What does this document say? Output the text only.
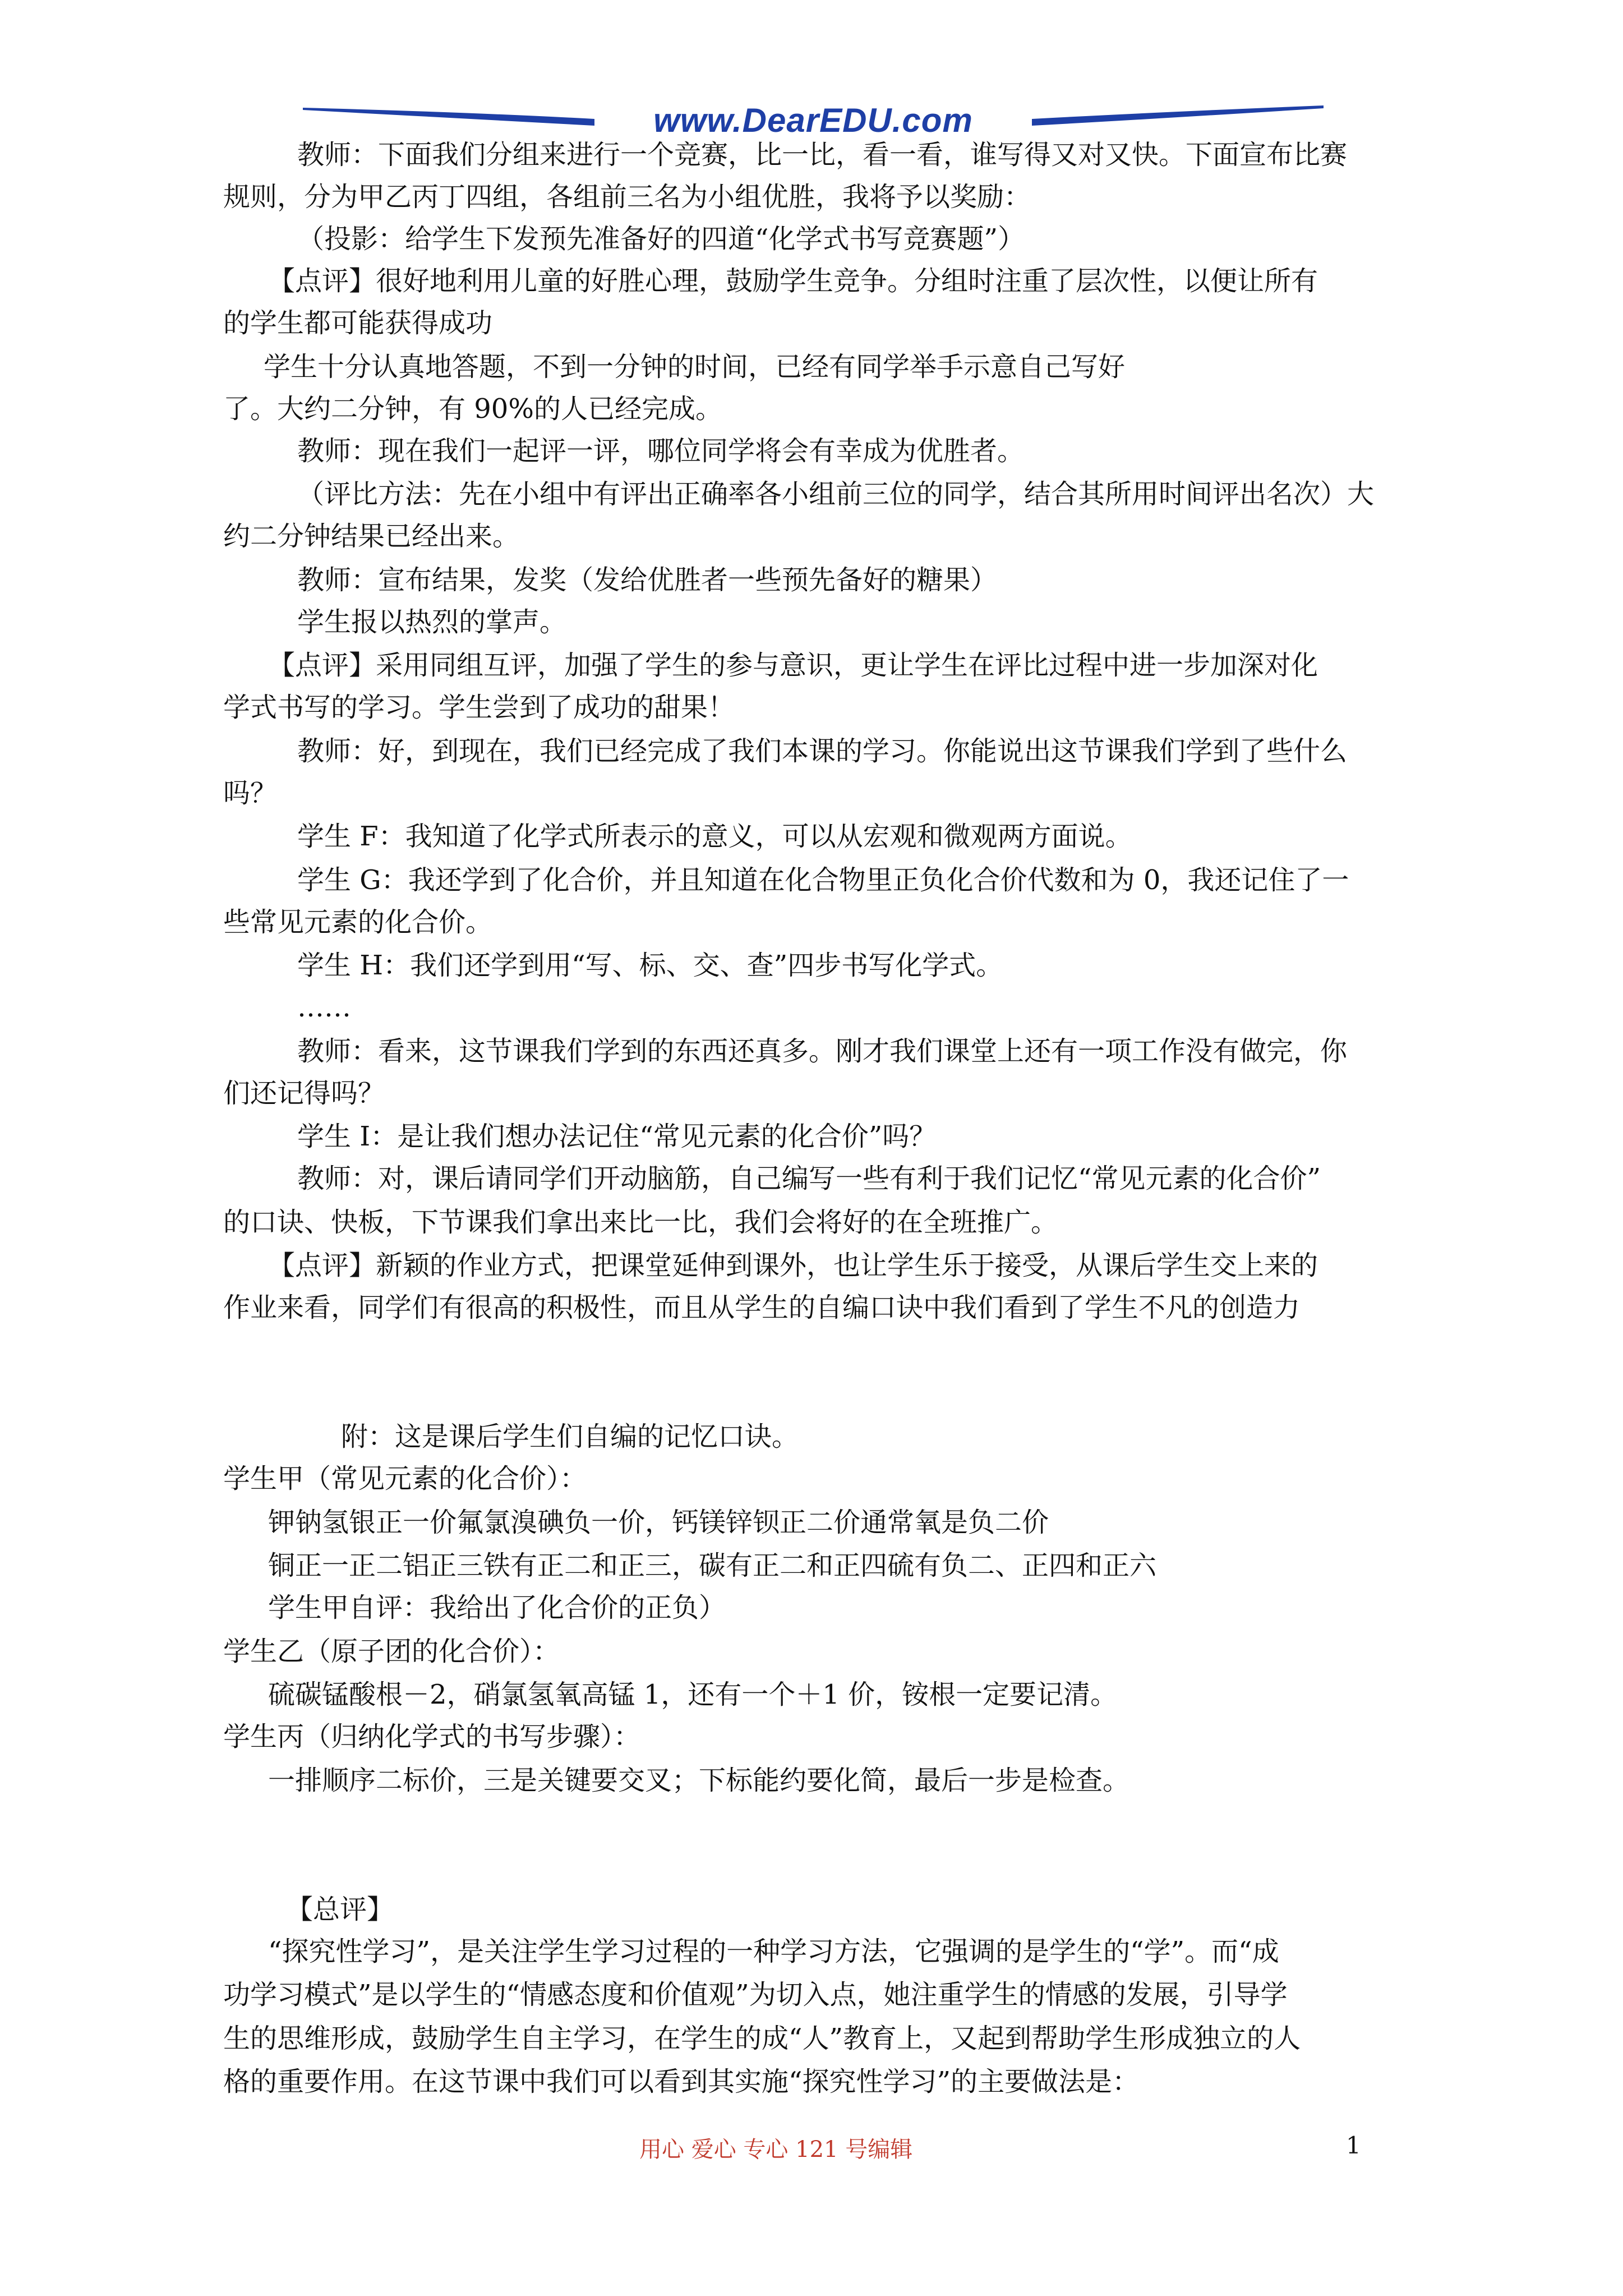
www.DearEDU.com
教师：下面我们分组来进行一个竞赛，比一比，看一看，谁写得又对又快。下面宣布比赛
规则，分为甲乙丙丁四组，各组前三名为小组优胜，我将予以奖励：
（投影：给学生下发预先准备好的四道“化学式书写竞赛题”）
【点评】很好地利用儿童的好胜心理，鼓励学生竞争。分组时注重了层次性，以便让所有
的学生都可能获得成功
学生十分认真地答题，不到一分钟的时间，已经有同学举手示意自己写好
了。大约二分钟，有 90%的人已经完成。
教师：现在我们一起评一评，哪位同学将会有幸成为优胜者。
（评比方法：先在小组中有评出正确率各小组前三位的同学，结合其所用时间评出名次）大
约二分钟结果已经出来。
教师：宣布结果，发奖（发给优胜者一些预先备好的糖果）
学生报以热烈的掌声。
【点评】采用同组互评，加强了学生的参与意识，更让学生在评比过程中进一步加深对化
学式书写的学习。学生尝到了成功的甜果！
教师：好，到现在，我们已经完成了我们本课的学习。你能说出这节课我们学到了些什么
吗？
学生 F：我知道了化学式所表示的意义，可以从宏观和微观两方面说。
学生 G：我还学到了化合价，并且知道在化合物里正负化合价代数和为 0，我还记住了一
些常见元素的化合价。
学生 H：我们还学到用“写、标、交、查”四步书写化学式。
……
教师：看来，这节课我们学到的东西还真多。刚才我们课堂上还有一项工作没有做完，你
们还记得吗？
学生 I：是让我们想办法记住“常见元素的化合价”吗？
教师：对，课后请同学们开动脑筋，自己编写一些有利于我们记忆“常见元素的化合价”
的口诀、快板，下节课我们拿出来比一比，我们会将好的在全班推广。
【点评】新颖的作业方式，把课堂延伸到课外，也让学生乐于接受，从课后学生交上来的
作业来看，同学们有很高的积极性，而且从学生的自编口诀中我们看到了学生不凡的创造力
附：这是课后学生们自编的记忆口诀。
学生甲（常见元素的化合价）：
钾钠氢银正一价氟氯溴碘负一价，钙镁锌钡正二价通常氧是负二价
铜正一正二铝正三铁有正二和正三，碳有正二和正四硫有负二、正四和正六
学生甲自评：我给出了化合价的正负）
学生乙（原子团的化合价）：
硫碳锰酸根－2，硝氯氢氧高锰 1，还有一个＋1 价，铵根一定要记清。
学生丙（归纳化学式的书写步骤）：
一排顺序二标价，三是关键要交叉；下标能约要化简，最后一步是检查。
【总评】
“探究性学习”，是关注学生学习过程的一种学习方法，它强调的是学生的“学”。而“成
功学习模式”是以学生的“情感态度和价值观”为切入点，她注重学生的情感的发展，引导学
生的思维形成，鼓励学生自主学习，在学生的成“人”教育上，又起到帮助学生形成独立的人
格的重要作用。在这节课中我们可以看到其实施“探究性学习”的主要做法是：
用心 爱心 专心 121 号编辑	1
